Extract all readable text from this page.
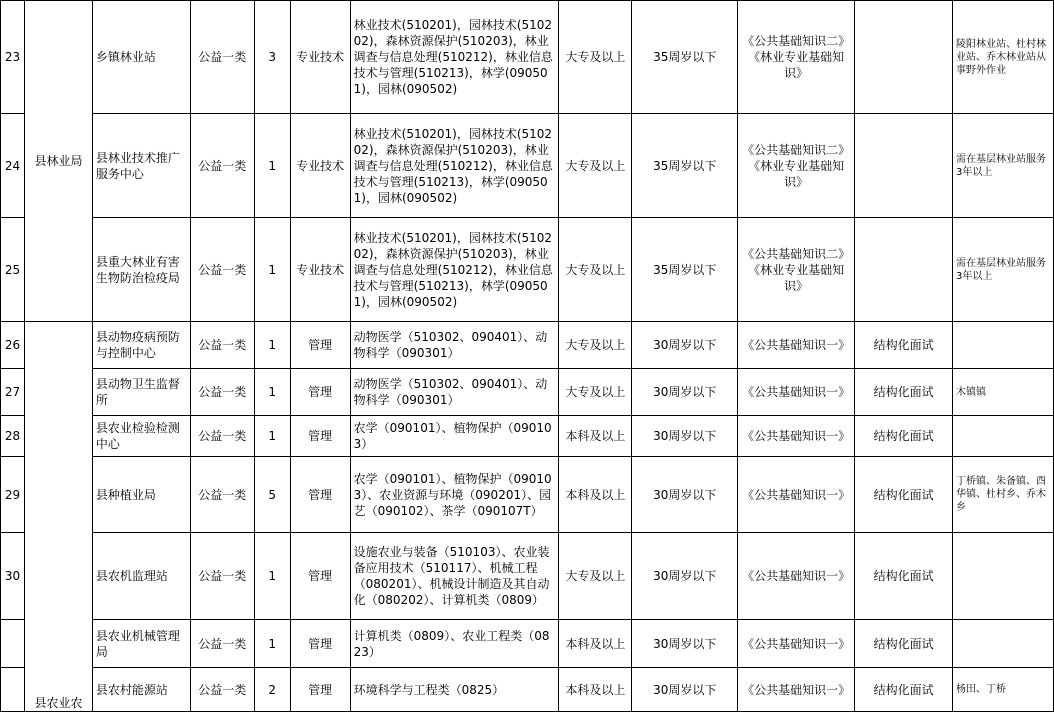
23	县林业局	乡镇林业站	公益一类	3	专业技术	林业技术(510201)，园林技术(510202)，森林资源保护(510203)，林业调查与信息处理(510212)，林业信息技术与管理(510213)，林学(090501)，园林(090502)	大专及以上	35周岁以下	《公共基础知识二》《林业专业基础知识》		陵阳林业站、杜村林业站、乔木林业站从事野外作业
24		县林业技术推广服务中心	公益一类	1	专业技术	林业技术(510201)，园林技术(510202)，森林资源保护(510203)，林业调查与信息处理(510212)，林业信息技术与管理(510213)，林学(090501)，园林(090502)	大专及以上	35周岁以下	《公共基础知识二》《林业专业基础知识》		需在基层林业站服务3年以上
25		县重大林业有害生物防治检疫局	公益一类	1	专业技术	林业技术(510201)，园林技术(510202)，森林资源保护(510203)，林业调查与信息处理(510212)，林业信息技术与管理(510213)，林学(090501)，园林(090502)	大专及以上	35周岁以下	《公共基础知识二》《林业专业基础知识》		需在基层林业站服务3年以上
26	县农业农	县动物疫病预防与控制中心	公益一类	1	管理	动物医学（510302、090401）、动物科学（090301）	大专及以上	30周岁以下	《公共基础知识一》	结构化面试	
27		县动物卫生监督所	公益一类	1	管理	动物医学（510302、090401）、动物科学（090301）	大专及以上	30周岁以下	《公共基础知识一》	结构化面试	木镇镇
28		县农业检验检测中心	公益一类	1	管理	农学（090101）、植物保护（090103）	本科及以上	30周岁以下	《公共基础知识一》	结构化面试	
29		县种植业局	公益一类	5	管理	农学（090101）、植物保护（090103）、农业资源与环境（090201）、园艺（090102）、茶学（090107T）	本科及以上	30周岁以下	《公共基础知识一》	结构化面试	丁桥镇、朱备镇、酉华镇、杜村乡、乔木乡
30		县农机监理站	公益一类	1	管理	设施农业与装备（510103）、农业装备应用技术（510117）、机械工程（080201）、机械设计制造及其自动化（080202）、计算机类（0809）	大专及以上	30周岁以下	《公共基础知识一》	结构化面试	
		县农业机械管理局	公益一类	1	管理	计算机类（0809）、农业工程类（0823）	本科及以上	30周岁以下	《公共基础知识一》	结构化面试	
		县农村能源站	公益一类	2	管理	环境科学与工程类（0825）	本科及以上	30周岁以下	《公共基础知识一》	结构化面试	杨田、丁桥
